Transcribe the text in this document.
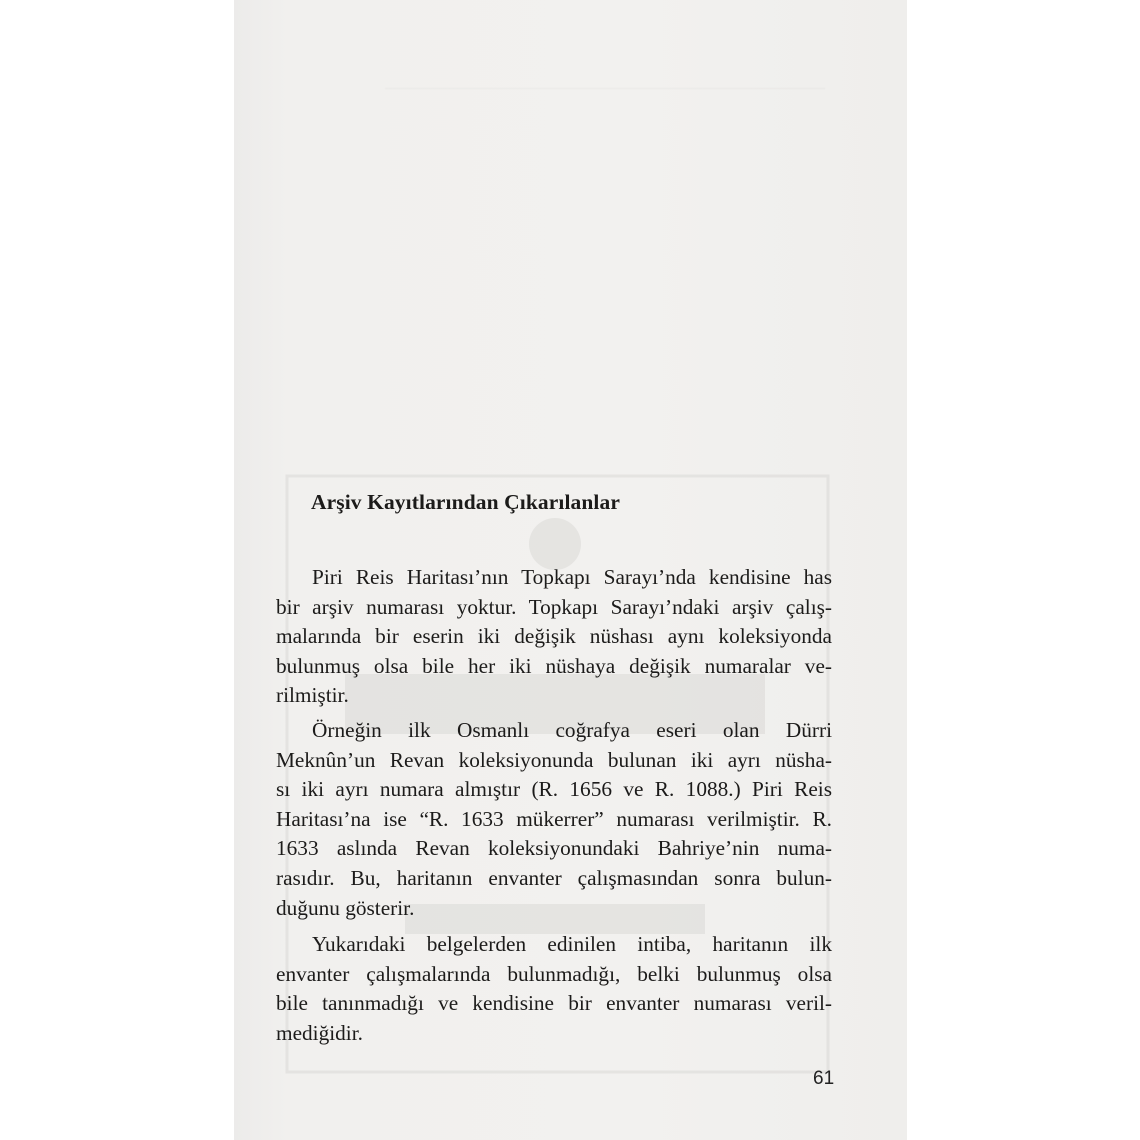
Arşiv Kayıtlarından Çıkarılanlar
Piri Reis Haritası’nın Topkapı Sarayı’nda kendisine has
bir arşiv numarası yoktur. Topkapı Sarayı’ndaki arşiv çalış-
malarında bir eserin iki değişik nüshası aynı koleksiyonda
bulunmuş olsa bile her iki nüshaya değişik numaralar ve-
rilmiştir.
Örneğin ilk Osmanlı coğrafya eseri olan Dürri
Meknûn’un Revan koleksiyonunda bulunan iki ayrı nüsha-
sı iki ayrı numara almıştır (R. 1656 ve R. 1088.) Piri Reis
Haritası’na ise “R. 1633 mükerrer” numarası verilmiştir. R.
1633 aslında Revan koleksiyonundaki Bahriye’nin numa-
rasıdır. Bu, haritanın envanter çalışmasından sonra bulun-
duğunu gösterir.
Yukarıdaki belgelerden edinilen intiba, haritanın ilk
envanter çalışmalarında bulunmadığı, belki bulunmuş olsa
bile tanınmadığı ve kendisine bir envanter numarası veril-
mediğidir.
61
